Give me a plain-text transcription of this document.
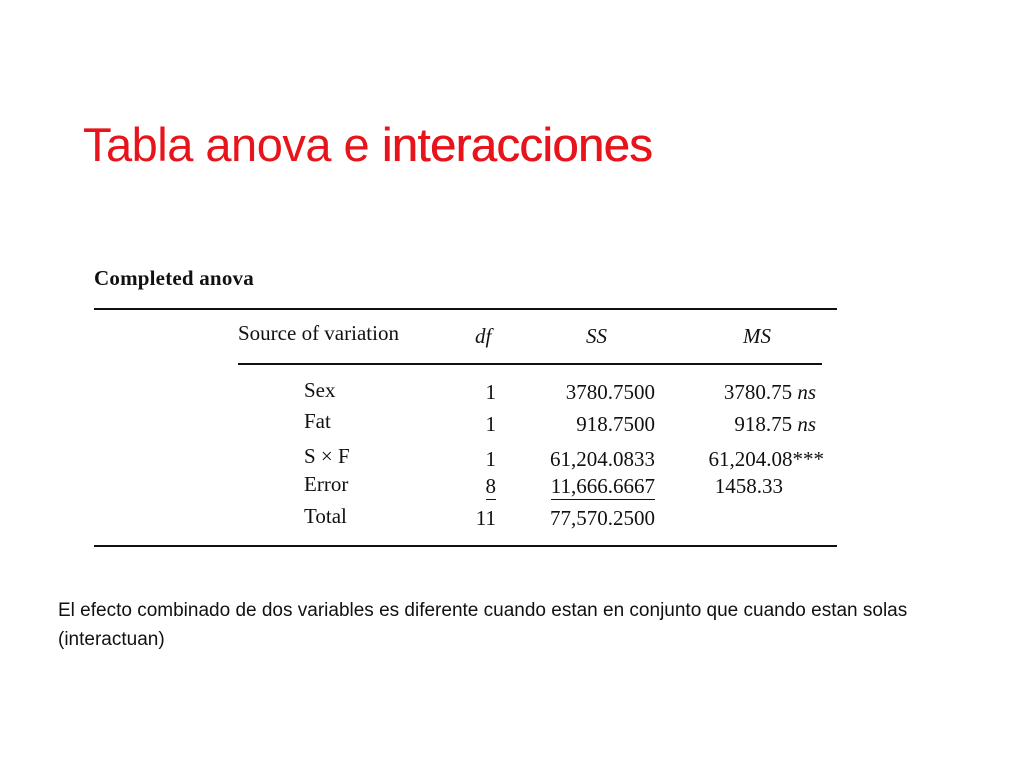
Tabla anova e interacciones

Completed anova

Source of variation	df	SS	MS
Sex	1	3780.7500	3780.75 ns
Fat	1	918.7500	918.75 ns
S × F	1	61,204.0833	61,204.08***
Error	8	11,666.6667	1458.33
Total	11	77,570.2500

El efecto combinado de dos variables es diferente cuando estan en conjunto que cuando estan solas (interactuan)
